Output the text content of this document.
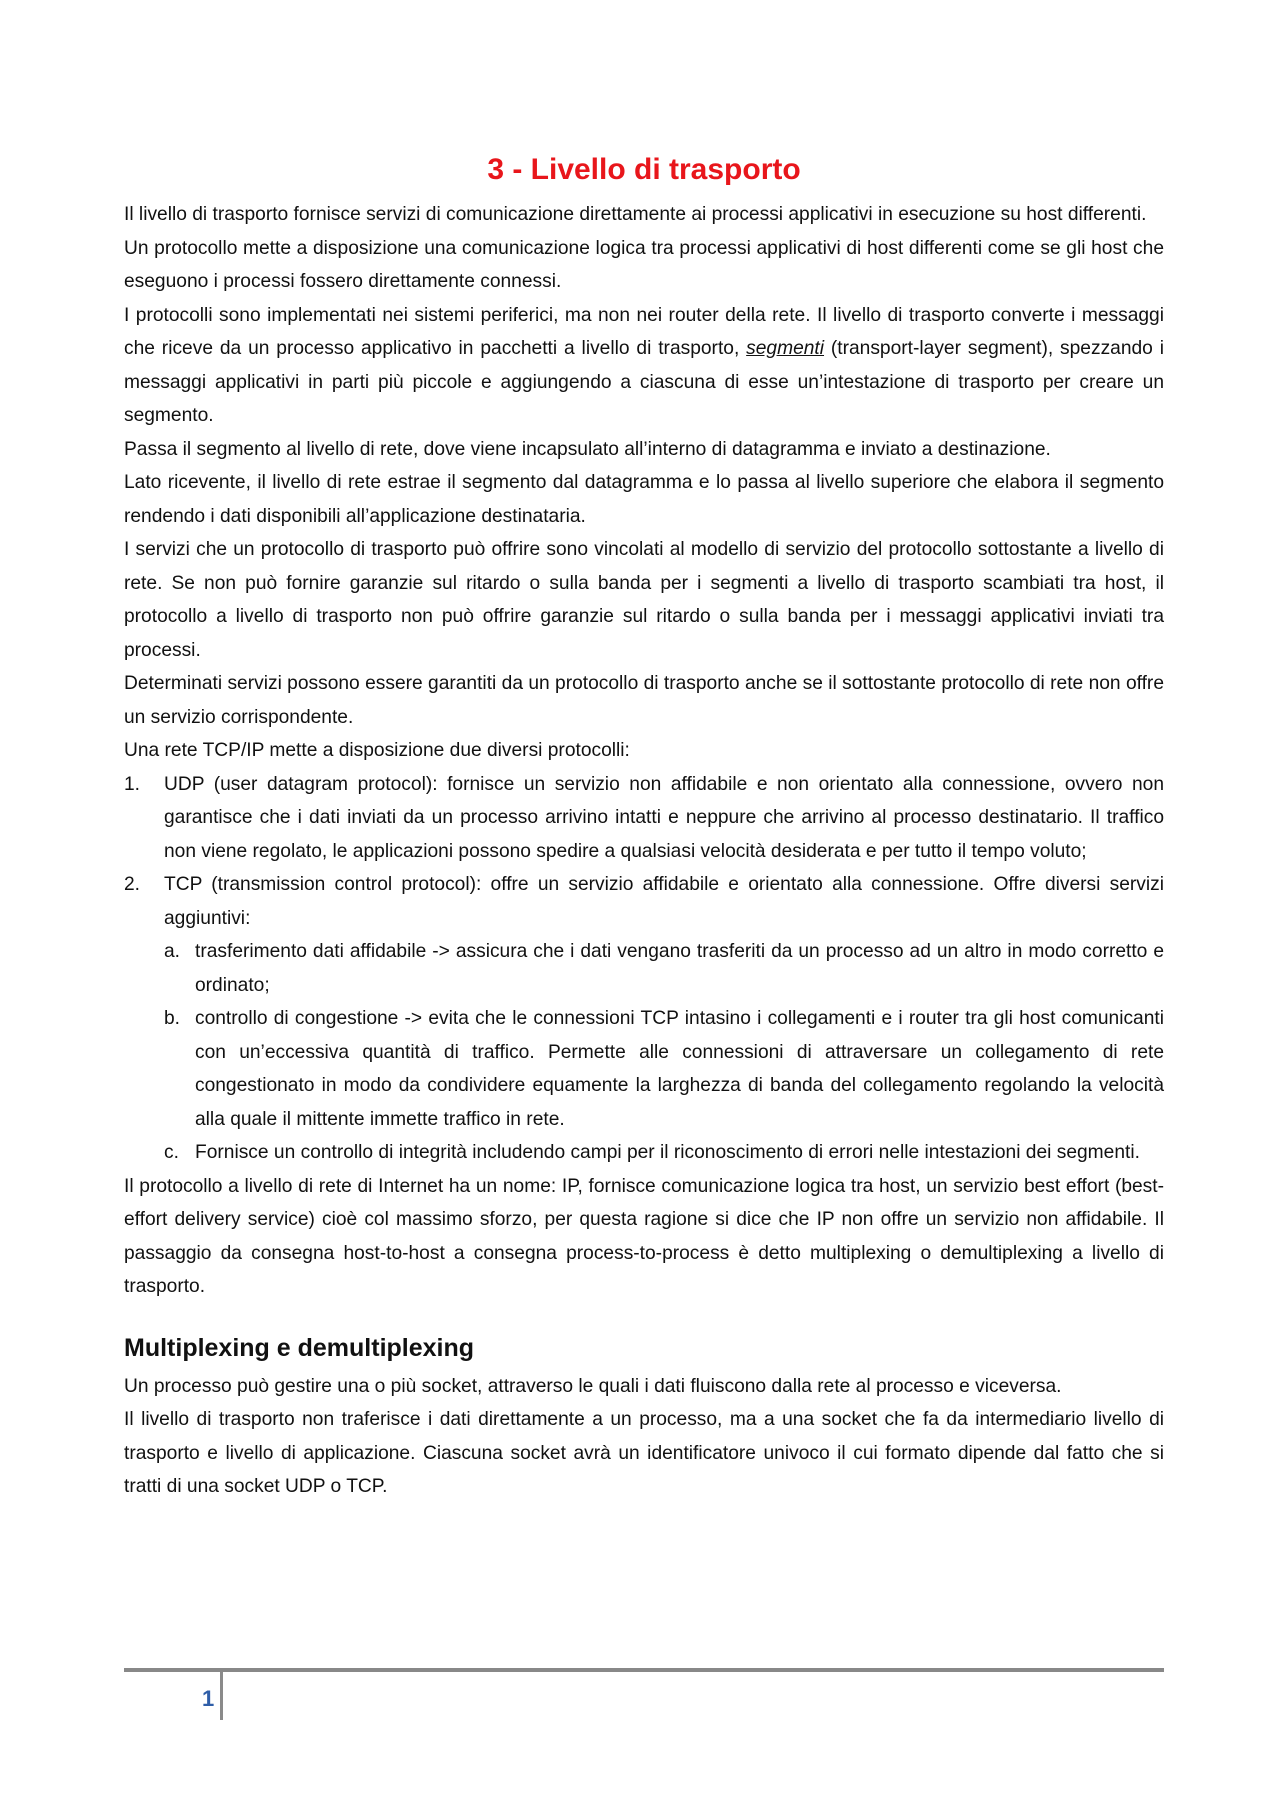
3 - Livello di trasporto

Il livello di trasporto fornisce servizi di comunicazione direttamente ai processi applicativi in esecuzione su host differenti.

Un protocollo mette a disposizione una comunicazione logica tra processi applicativi di host differenti come se gli host che eseguono i processi fossero direttamente connessi.

I protocolli sono implementati nei sistemi periferici, ma non nei router della rete. Il livello di trasporto converte i messaggi che riceve da un processo applicativo in pacchetti a livello di trasporto, segmenti (transport-layer segment), spezzando i messaggi applicativi in parti più piccole e aggiungendo a ciascuna di esse un’intestazione di trasporto per creare un segmento.

Passa il segmento al livello di rete, dove viene incapsulato all’interno di datagramma e inviato a destinazione.

Lato ricevente, il livello di rete estrae il segmento dal datagramma e lo passa al livello superiore che elabora il segmento rendendo i dati disponibili all’applicazione destinataria.

I servizi che un protocollo di trasporto può offrire sono vincolati al modello di servizio del protocollo sottostante a livello di rete. Se non può fornire garanzie sul ritardo o sulla banda per i segmenti a livello di trasporto scambiati tra host, il protocollo a livello di trasporto non può offrire garanzie sul ritardo o sulla banda per i messaggi applicativi inviati tra processi.

Determinati servizi possono essere garantiti da un protocollo di trasporto anche se il sottostante protocollo di rete non offre un servizio corrispondente.

Una rete TCP/IP mette a disposizione due diversi protocolli:

1. UDP (user datagram protocol): fornisce un servizio non affidabile e non orientato alla connessione, ovvero non garantisce che i dati inviati da un processo arrivino intatti e neppure che arrivino al processo destinatario. Il traffico non viene regolato, le applicazioni possono spedire a qualsiasi velocità desiderata e per tutto il tempo voluto;
2. TCP (transmission control protocol): offre un servizio affidabile e orientato alla connessione. Offre diversi servizi aggiuntivi:
a. trasferimento dati affidabile -> assicura che i dati vengano trasferiti da un processo ad un altro in modo corretto e ordinato;
b. controllo di congestione -> evita che le connessioni TCP intasino i collegamenti e i router tra gli host comunicanti con un’eccessiva quantità di traffico. Permette alle connessioni di attraversare un collegamento di rete congestionato in modo da condividere equamente la larghezza di banda del collegamento regolando la velocità alla quale il mittente immette traffico in rete.
c. Fornisce un controllo di integrità includendo campi per il riconoscimento di errori nelle intestazioni dei segmenti.

Il protocollo a livello di rete di Internet ha un nome: IP, fornisce comunicazione logica tra host, un servizio best effort (best-effort delivery service) cioè col massimo sforzo, per questa ragione si dice che IP non offre un servizio non affidabile. Il passaggio da consegna host-to-host a consegna process-to-process è detto multiplexing o demultiplexing a livello di trasporto.

Multiplexing e demultiplexing

Un processo può gestire una o più socket, attraverso le quali i dati fluiscono dalla rete al processo e viceversa.

Il livello di trasporto non traferisce i dati direttamente a un processo, ma a una socket che fa da intermediario livello di trasporto e livello di applicazione. Ciascuna socket avrà un identificatore univoco il cui formato dipende dal fatto che si tratti di una socket UDP o TCP.

1
